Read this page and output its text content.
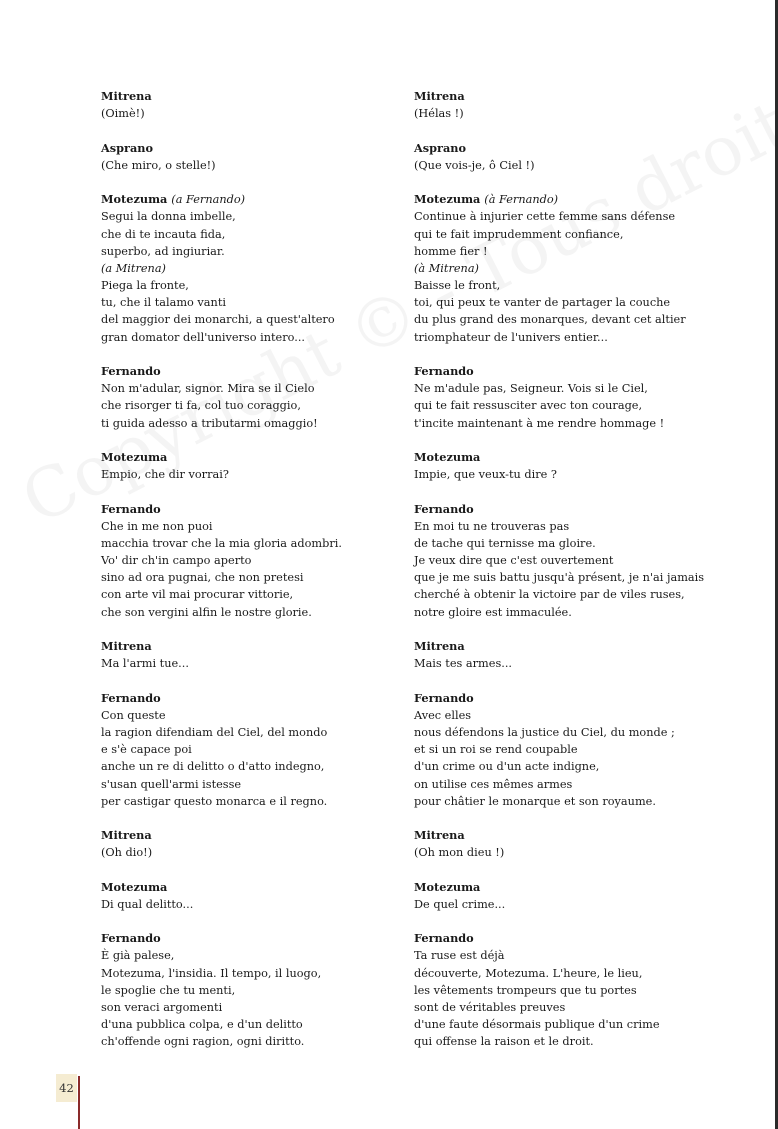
Mitrena
(Oimè!)
Asprano
(Che miro, o stelle!)
Motezuma (a Fernando)
Segui la donna imbelle,
che di te incauta fida,
superbo, ad ingiuriar.
(a Mitrena)
Piega la fronte,
tu, che il talamo vanti
del maggior dei monarchi, a quest'altero
gran domator dell'universo intero...
Fernando
Non m'adular, signor. Mira se il Cielo
che risorger ti fa, col tuo coraggio,
ti guida adesso a tributarmi omaggio!
Motezuma
Empio, che dir vorrai?
Fernando
Che in me non puoi
macchia trovar che la mia gloria adombri.
Vo' dir ch'in campo aperto
sino ad ora pugnai, che non pretesi
con arte vil mai procurar vittorie,
che son vergini alfin le nostre glorie.
Mitrena
Ma l'armi tue...
Fernando
Con queste
la ragion difendiam del Ciel, del mondo
e s'è capace poi
anche un re di delitto o d'atto indegno,
s'usan quell'armi istesse
per castigar questo monarca e il regno.
Mitrena
(Oh dio!)
Motezuma
Di qual delitto...
Fernando
È già palese,
Motezuma, l'insidia. Il tempo, il luogo,
le spoglie che tu menti,
son veraci argomenti
d'una pubblica colpa, e d'un delitto
ch'offende ogni ragion, ogni diritto.
Mitrena
(Hélas !)
Asprano
(Que vois-je, ô Ciel !)
Motezuma (à Fernando)
Continue à injurier cette femme sans défense
qui te fait imprudemment confiance,
homme fier !
(à Mitrena)
Baisse le front,
toi, qui peux te vanter de partager la couche
du plus grand des monarques, devant cet altier
triomphateur de l'univers entier...
Fernando
Ne m'adule pas, Seigneur. Vois si le Ciel,
qui te fait ressusciter avec ton courage,
t'incite maintenant à me rendre hommage !
Motezuma
Impie, que veux-tu dire ?
Fernando
En moi tu ne trouveras pas
de tache qui ternisse ma gloire.
Je veux dire que c'est ouvertement
que je me suis battu jusqu'à présent, je n'ai jamais
cherché à obtenir la victoire par de viles ruses,
notre gloire est immaculée.
Mitrena
Mais tes armes...
Fernando
Avec elles
nous défendons la justice du Ciel, du monde ;
et si un roi se rend coupable
d'un crime ou d'un acte indigne,
on utilise ces mêmes armes
pour châtier le monarque et son royaume.
Mitrena
(Oh mon dieu !)
Motezuma
De quel crime...
Fernando
Ta ruse est déjà
découverte, Motezuma. L'heure, le lieu,
les vêtements trompeurs que tu portes
sont de véritables preuves
d'une faute désormais publique d'un crime
qui offense la raison et le droit.
42
